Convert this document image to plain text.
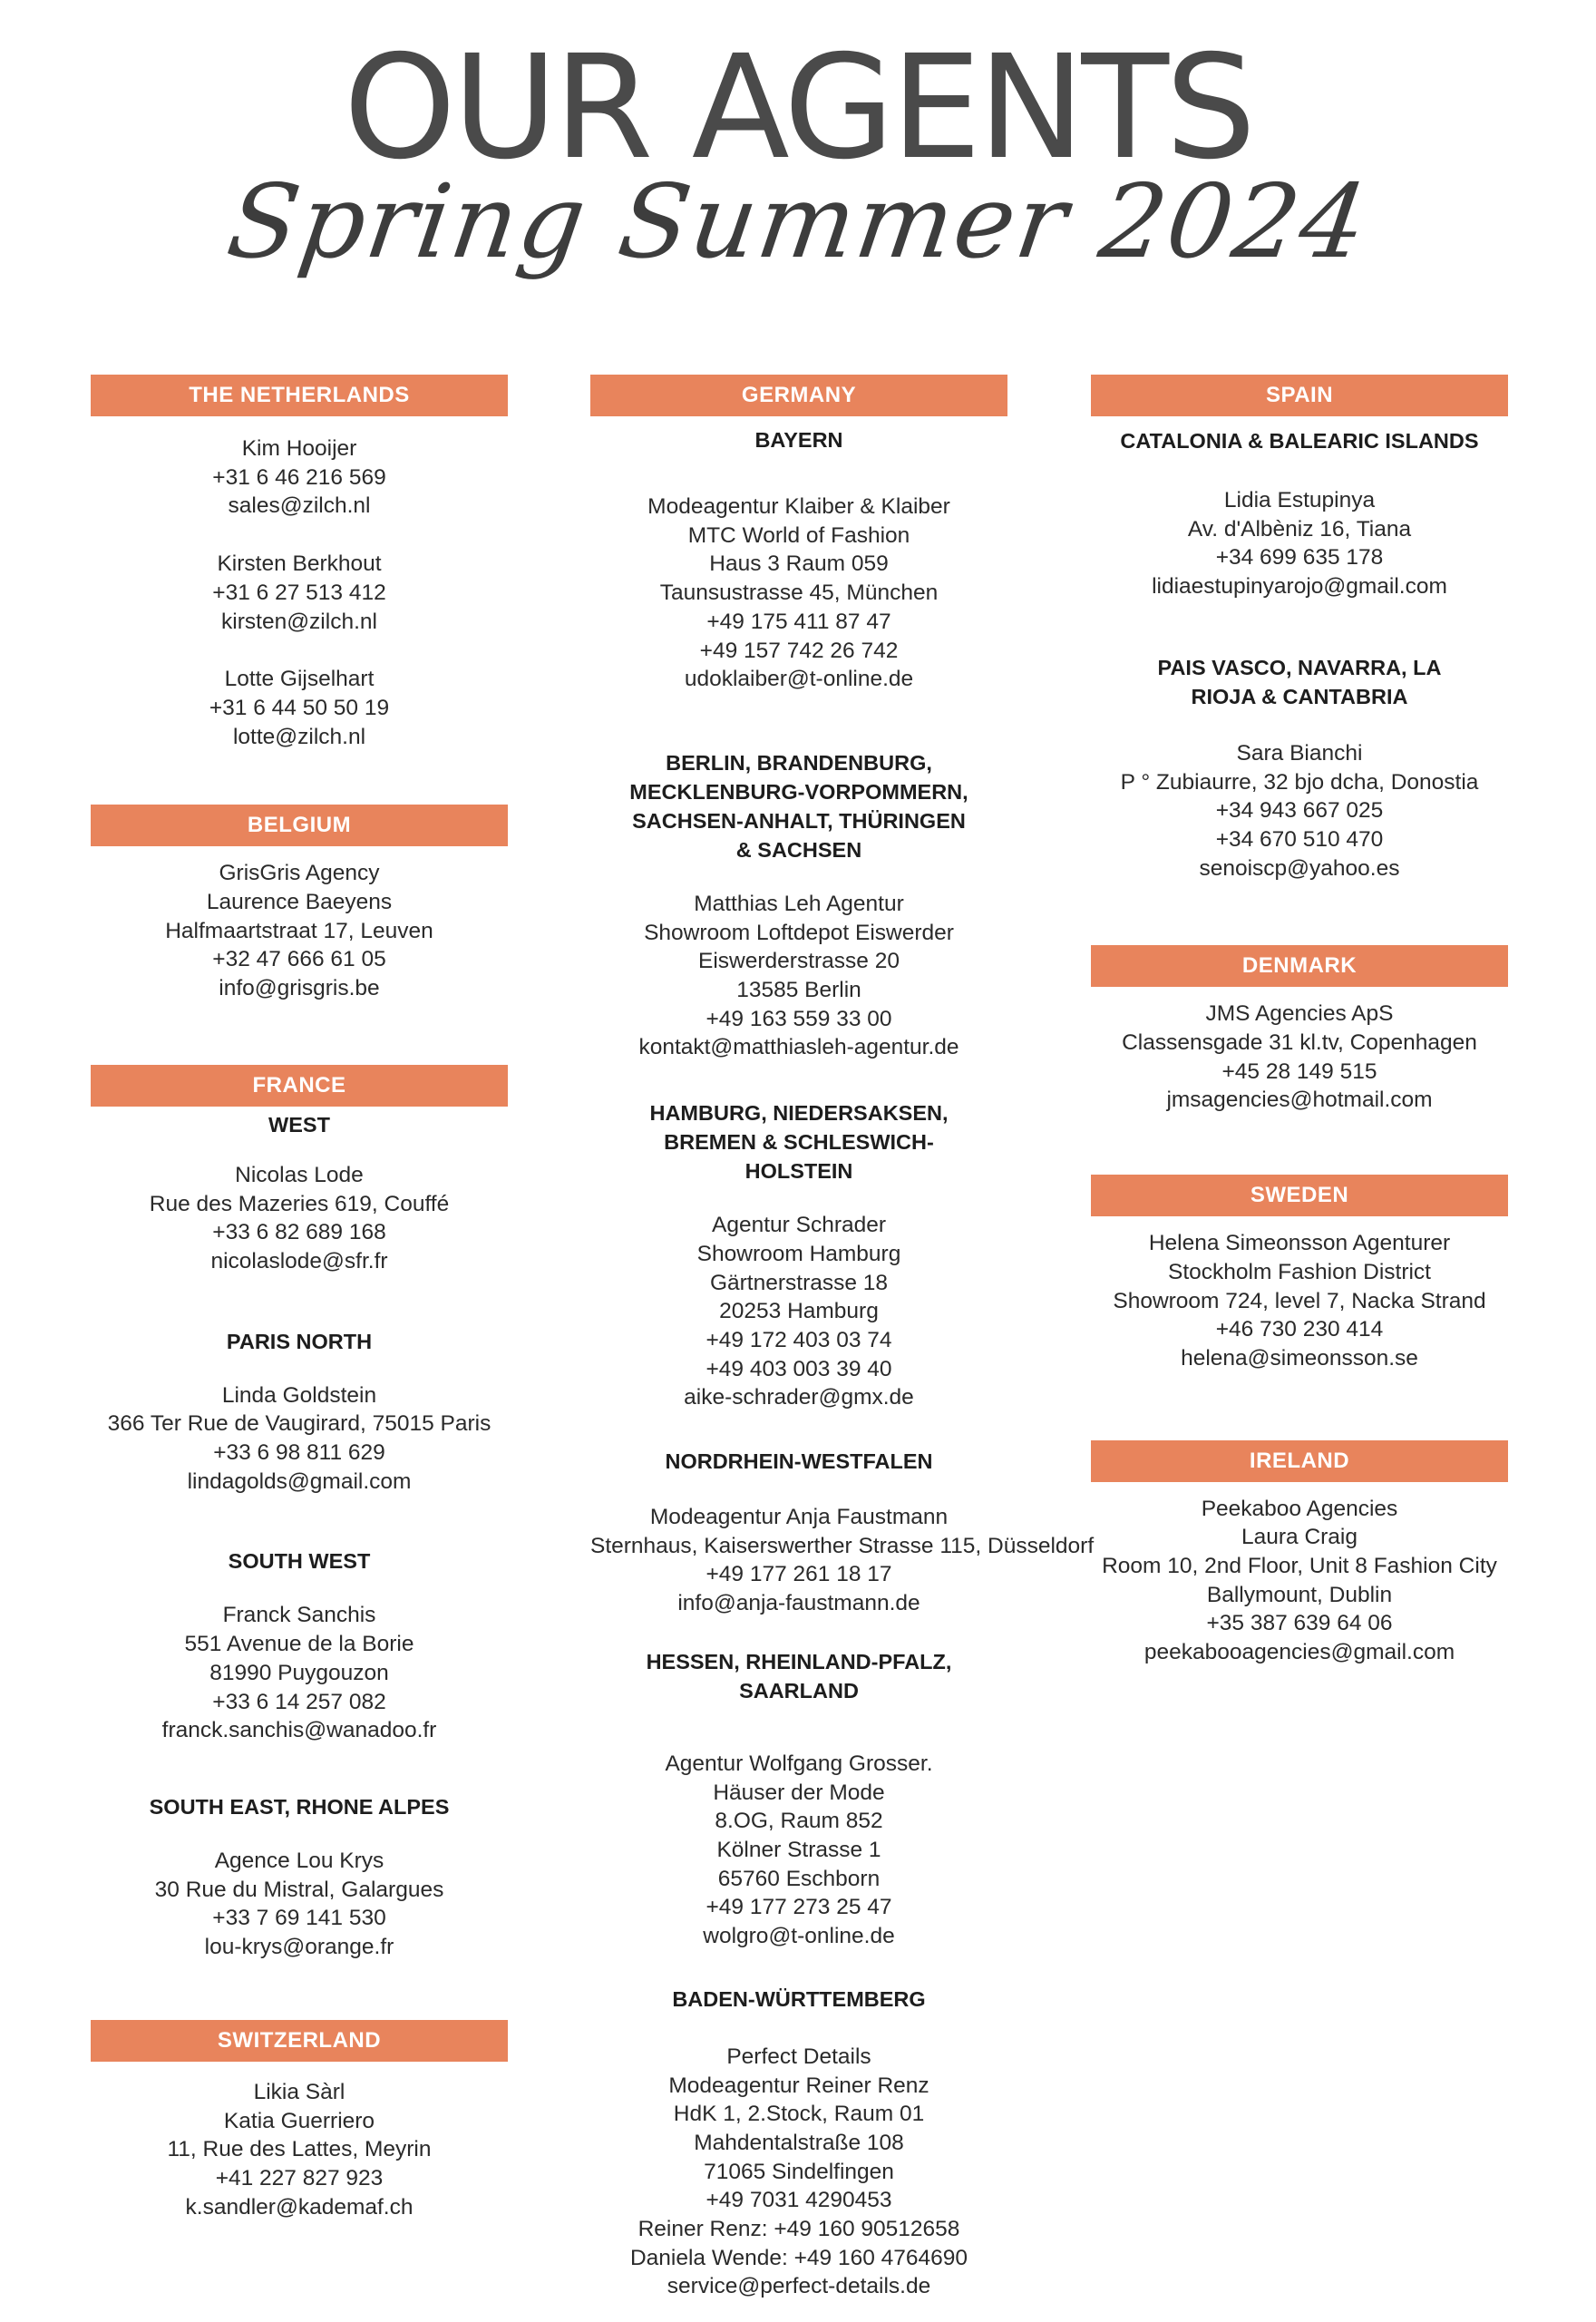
OUR AGENTS
Spring Summer 2024
THE NETHERLANDS
Kim Hooijer
+31 6 46 216 569
sales@zilch.nl
Kirsten Berkhout
+31 6 27 513 412
kirsten@zilch.nl
Lotte Gijselhart
+31 6 44 50 50 19
lotte@zilch.nl
BELGIUM
GrisGris Agency
Laurence Baeyens
Halfmaartstraat 17, Leuven
+32 47 666 61 05
info@grisgris.be
FRANCE
WEST
Nicolas Lode
Rue des Mazeries 619, Couffé
+33 6 82 689 168
nicolaslode@sfr.fr
PARIS NORTH
Linda Goldstein
366 Ter Rue de Vaugirard, 75015 Paris
+33 6 98 811 629
lindagolds@gmail.com
SOUTH WEST
Franck Sanchis
551 Avenue de la Borie
81990 Puygouzon
+33 6 14 257 082
franck.sanchis@wanadoo.fr
SOUTH EAST, RHONE ALPES
Agence Lou Krys
30 Rue du Mistral, Galargues
+33 7 69 141 530
lou-krys@orange.fr
SWITZERLAND
Likia Sàrl
Katia Guerriero
11, Rue des Lattes, Meyrin
+41 227 827 923
k.sandler@kademaf.ch
GERMANY
BAYERN
Modeagentur Klaiber & Klaiber
MTC World of Fashion
Haus 3 Raum 059
Taunsustrasse 45, München
+49 175 411 87 47
+49 157 742 26 742
udoklaiber@t-online.de
BERLIN, BRANDENBURG, MECKLENBURG-VORPOMMERN, SACHSEN-ANHALT, THÜRINGEN & SACHSEN
Matthias Leh Agentur
Showroom Loftdepot Eiswerder
Eiswerderstrasse 20
13585 Berlin
+49 163 559 33 00
kontakt@matthiasleh-agentur.de
HAMBURG, NIEDERSAKSEN, BREMEN & SCHLESWICH-HOLSTEIN
Agentur Schrader
Showroom Hamburg
Gärtnerstrasse 18
20253 Hamburg
+49 172 403 03 74
+49 403 003 39 40
aike-schrader@gmx.de
NORDRHEIN-WESTFALEN
Modeagentur Anja Faustmann
Sternhaus, Kaiserswerther Strasse 115, Düsseldorf
+49 177 261 18 17
info@anja-faustmann.de
HESSEN, RHEINLAND-PFALZ, SAARLAND
Agentur Wolfgang Grosser.
Häuser der Mode
8.OG, Raum 852
Kölner Strasse 1
65760 Eschborn
+49 177 273 25 47
wolgro@t-online.de
BADEN-WÜRTTEMBERG
Perfect Details
Modeagentur Reiner Renz
HdK 1, 2.Stock, Raum 01
Mahdentalstraße 108
71065 Sindelfingen
+49 7031 4290453
Reiner Renz: +49 160 90512658
Daniela Wende: +49 160 4764690
service@perfect-details.de
SPAIN
CATALONIA & BALEARIC ISLANDS
Lidia Estupinya
Av. d'Albèniz 16, Tiana
+34 699 635 178
lidiaestupinyarojo@gmail.com
PAIS VASCO, NAVARRA, LA RIOJA & CANTABRIA
Sara Bianchi
P ° Zubiaurre, 32 bjo dcha, Donostia
+34 943 667 025
+34 670 510 470
senoiscp@yahoo.es
DENMARK
JMS Agencies ApS
Classensgade 31 kl.tv, Copenhagen
+45 28 149 515
jmsagencies@hotmail.com
SWEDEN
Helena Simeonsson Agenturer
Stockholm Fashion District
Showroom 724, level 7, Nacka Strand
+46 730 230 414
helena@simeonsson.se
IRELAND
Peekaboo Agencies
Laura Craig
Room 10, 2nd Floor, Unit 8 Fashion City
Ballymount, Dublin
+35 387 639 64 06
peekabooagencies@gmail.com
